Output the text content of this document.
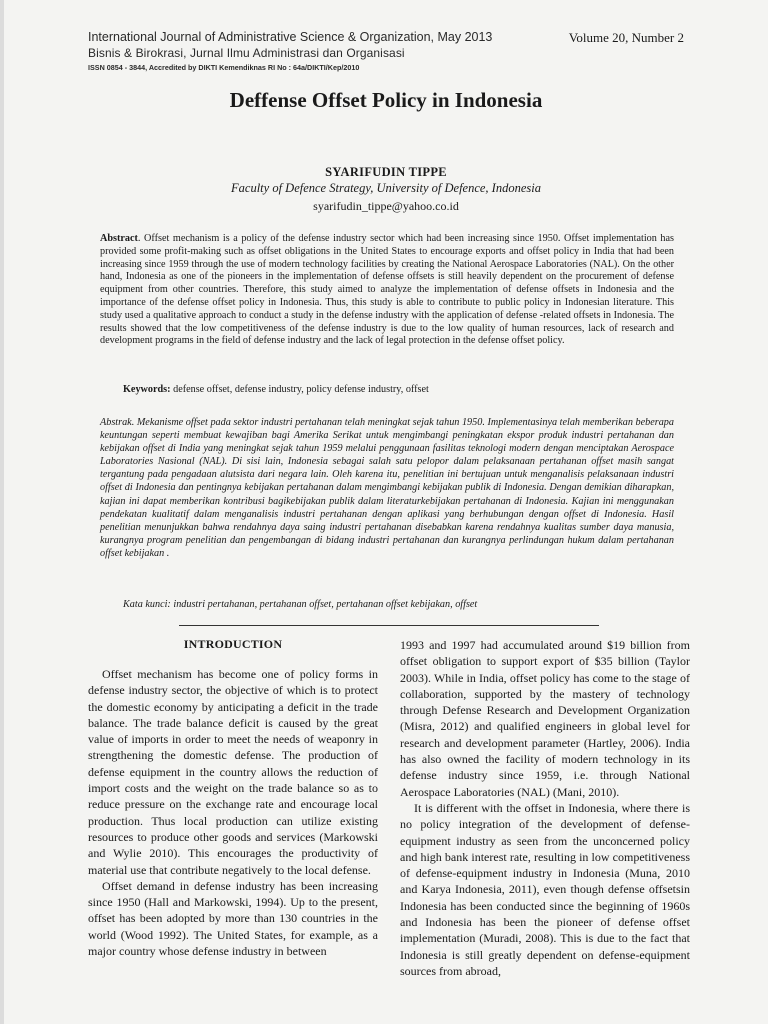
International Journal of Administrative Science & Organization, May 2013
Bisnis & Birokrasi, Jurnal Ilmu Administrasi dan Organisasi
ISSN 0854 - 3844, Accredited by DIKTI Kemendiknas RI No : 64a/DIKTI/Kep/2010
Volume 20, Number 2
Deffense Offset Policy in Indonesia
SYARIFUDIN TIPPE
Faculty of Defence Strategy, University of Defence, Indonesia
syarifudin_tippe@yahoo.co.id
Abstract. Offset mechanism is a policy of the defense industry sector which had been increasing since 1950. Offset implementation has provided some profit-making such as offset obligations in the United States to encourage exports and offset policy in India that had been increasing since 1959 through the use of modern technology facilities by creating the National Aerospace Laboratories (NAL). On the other hand, Indonesia as one of the pioneers in the implementation of defense offsets is still heavily dependent on the procurement of defense equipment from other countries. Therefore, this study aimed to analyze the implementation of defense offsets in Indonesia and the importance of the defense offset policy in Indonesia. Thus, this study is able to contribute to public policy in Indonesian literature. This study used a qualitative approach to conduct a study in the defense industry with the application of defense -related offsets in Indonesia. The results showed that the low competitiveness of the defense industry is due to the low quality of human resources, lack of research and development programs in the field of defense industry and the lack of legal protection in the defense offset policy.
Keywords: defense offset, defense industry, policy defense industry, offset
Abstrak. Mekanisme offset pada sektor industri pertahanan telah meningkat sejak tahun 1950. Implementasinya telah memberikan beberapa keuntungan seperti membuat kewajiban bagi Amerika Serikat untuk mengimbangi peningkatan ekspor produk industri pertahanan dan kebijakan offset di India yang meningkat sejak tahun 1959 melalui penggunaan fasilitas teknologi modern dengan menciptakan Aerospace Laboratories Nasional (NAL). Di sisi lain, Indonesia sebagai salah satu pelopor dalam pelaksanaan pertahanan offset masih sangat tergantung pada pengadaan alutsista dari negara lain. Oleh karena itu, penelitian ini bertujuan untuk menganalisis pelaksanaan industri offset di Indonesia dan pentingnya kebijakan pertahanan dalam mengimbangi kebijakan publik di Indonesia. Dengan demikian diharapkan, kajian ini dapat memberikan kontribusi bagikebijakan publik dalam literaturkebijakan pertahanan di Indonesia. Kajian ini menggunakan pendekatan kualitatif dalam menganalisis industri pertahanan dengan aplikasi yang berhubungan dengan offset di Indonesia. Hasil penelitian menunjukkan bahwa rendahnya daya saing industri pertahanan disebabkan karena rendahnya kualitas sumber daya manusia, kurangnya program penelitian dan pengembangan di bidang industri pertahanan dan kurangnya perlindungan hukum dalam pertahanan offset kebijakan .
Kata kunci: industri pertahanan, pertahanan offset, pertahanan offset kebijakan, offset
INTRODUCTION

Offset mechanism has become one of policy forms in defense industry sector, the objective of which is to protect the domestic economy by anticipating a deficit in the trade balance. The trade balance deficit is caused by the great value of imports in order to meet the needs of weaponry in strengthening the domestic defense. The production of defense equipment in the country allows the reduction of import costs and the weight on the trade balance so as to reduce pressure on the exchange rate and encourage local production. Thus local production can utilize existing resources to produce other goods and services (Markowski and Wylie 2010). This encourages the productivity of material use that contribute negatively to the local defense.

Offset demand in defense industry has been increasing since 1950 (Hall and Markowski, 1994). Up to the present, offset has been adopted by more than 130 countries in the world (Wood 1992). The United States, for example, as a major country whose defense industry in between

1993 and 1997 had accumulated around $19 billion from offset obligation to support export of $35 billion (Taylor 2003). While in India, offset policy has come to the stage of collaboration, supported by the mastery of technology through Defense Research and Development Organization (Misra, 2012) and qualified engineers in global level for research and development parameter (Hartley, 2006). India has also owned the facility of modern technology in its defense industry since 1959, i.e. through National Aerospace Laboratories (NAL) (Mani, 2010).

It is different with the offset in Indonesia, where there is no policy integration of the development of defense-equipment industry as seen from the unconcerned policy and high bank interest rate, resulting in low competitiveness of defense-equipment industry in Indonesia (Muna, 2010 and Karya Indonesia, 2011), even though defense offsetsin Indonesia has been conducted since the beginning of 1960s and Indonesia has been the pioneer of defense offset implementation (Muradi, 2008). This is due to the fact that Indonesia is still greatly dependent on defense-equipment sources from abroad,
